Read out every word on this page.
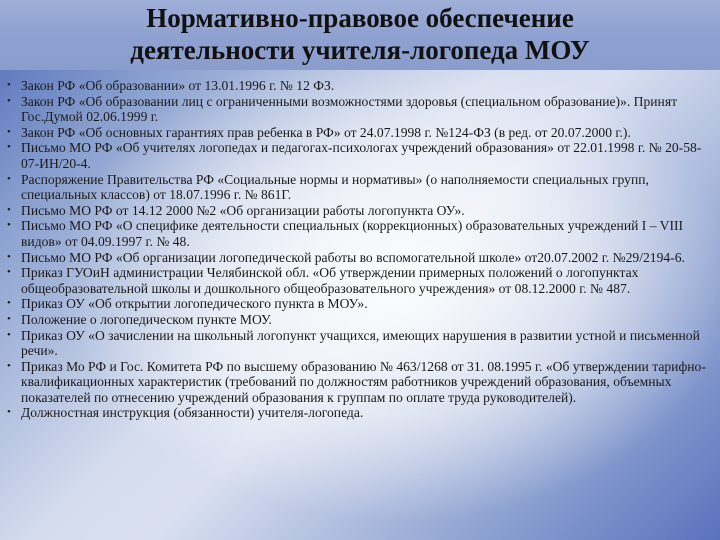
Нормативно-правовое обеспечение
деятельности учителя-логопеда МОУ
• Закон РФ «Об образовании» от 13.01.1996 г. № 12 ФЗ.
• Закон РФ «Об образовании лиц с ограниченными возможностями здоровья (специальном образование)». Принят Гос.Думой 02.06.1999 г.
• Закон РФ «Об основных гарантиях прав ребенка в РФ» от 24.07.1998 г. №124-ФЗ (в ред. от 20.07.2000 г.).
• Письмо МО РФ «Об учителях логопедах и педагогах-психологах учреждений образования» от 22.01.1998 г. № 20-58-07-ИН/20-4.
• Распоряжение Правительства РФ «Социальные нормы и нормативы» (о наполняемости специальных групп, специальных классов) от 18.07.1996 г. № 861Г.
• Письмо МО РФ от 14.12 2000 №2 «Об организации работы логопункта ОУ».
• Письмо МО РФ «О специфике деятельности специальных (коррекционных) образовательных учреждений I – VIII видов» от 04.09.1997 г. № 48.
• Письмо МО РФ «Об организации логопедической работы во вспомогательной школе» от20.07.2002 г. №29/2194-6.
• Приказ ГУОиН администрации Челябинской обл. «Об утверждении примерных положений о логопунктах общеобразовательной школы и дошкольного общеобразовательного учреждения» от 08.12.2000 г. № 487.
• Приказ ОУ «Об открытии логопедического пункта в МОУ».
• Положение о логопедическом пункте МОУ.
• Приказ ОУ «О зачислении на школьный логопункт учащихся, имеющих нарушения в развитии устной и письменной речи».
• Приказ Мо РФ и Гос. Комитета РФ по высшему образованию № 463/1268 от 31. 08.1995 г. «Об утверждении тарифно-квалификационных характеристик (требований по должностям работников учреждений образования, объемных показателей по отнесению учреждений образования к группам по оплате труда руководителей).
• Должностная инструкция (обязанности) учителя-логопеда.
